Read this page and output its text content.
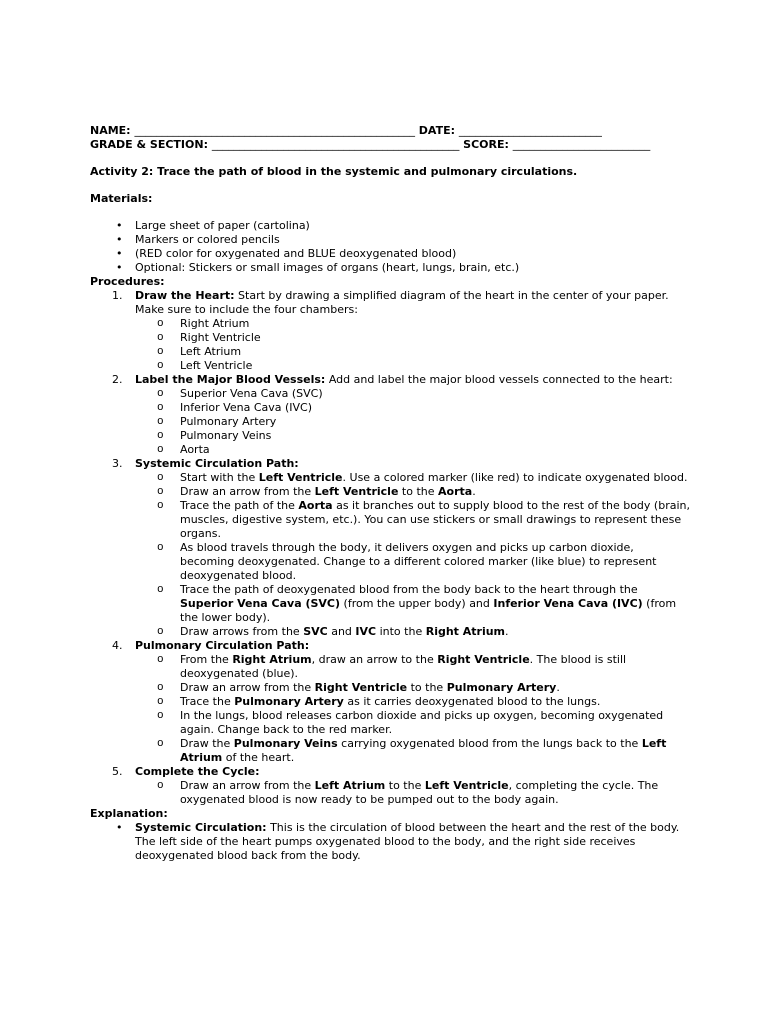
NAME: ___________________________________________________ DATE: __________________________
GRADE & SECTION: _____________________________________________ SCORE: _________________________
Activity 2: Trace the path of blood in the systemic and pulmonary circulations.
Materials:
• Large sheet of paper (cartolina)
• Markers or colored pencils
• (RED color for oxygenated and BLUE deoxygenated blood)
• Optional: Stickers or small images of organs (heart, lungs, brain, etc.)
Procedures:
1. Draw the Heart: Start by drawing a simplified diagram of the heart in the center of your paper. Make sure to include the four chambers:
o Right Atrium
o Right Ventricle
o Left Atrium
o Left Ventricle
2. Label the Major Blood Vessels: Add and label the major blood vessels connected to the heart:
o Superior Vena Cava (SVC)
o Inferior Vena Cava (IVC)
o Pulmonary Artery
o Pulmonary Veins
o Aorta
3. Systemic Circulation Path:
o Start with the Left Ventricle. Use a colored marker (like red) to indicate oxygenated blood.
o Draw an arrow from the Left Ventricle to the Aorta.
o Trace the path of the Aorta as it branches out to supply blood to the rest of the body (brain, muscles, digestive system, etc.). You can use stickers or small drawings to represent these organs.
o As blood travels through the body, it delivers oxygen and picks up carbon dioxide, becoming deoxygenated. Change to a different colored marker (like blue) to represent deoxygenated blood.
o Trace the path of deoxygenated blood from the body back to the heart through the Superior Vena Cava (SVC) (from the upper body) and Inferior Vena Cava (IVC) (from the lower body).
o Draw arrows from the SVC and IVC into the Right Atrium.
4. Pulmonary Circulation Path:
o From the Right Atrium, draw an arrow to the Right Ventricle. The blood is still deoxygenated (blue).
o Draw an arrow from the Right Ventricle to the Pulmonary Artery.
o Trace the Pulmonary Artery as it carries deoxygenated blood to the lungs.
o In the lungs, blood releases carbon dioxide and picks up oxygen, becoming oxygenated again. Change back to the red marker.
o Draw the Pulmonary Veins carrying oxygenated blood from the lungs back to the Left Atrium of the heart.
5. Complete the Cycle:
o Draw an arrow from the Left Atrium to the Left Ventricle, completing the cycle. The oxygenated blood is now ready to be pumped out to the body again.
Explanation:
• Systemic Circulation: This is the circulation of blood between the heart and the rest of the body. The left side of the heart pumps oxygenated blood to the body, and the right side receives deoxygenated blood back from the body.
